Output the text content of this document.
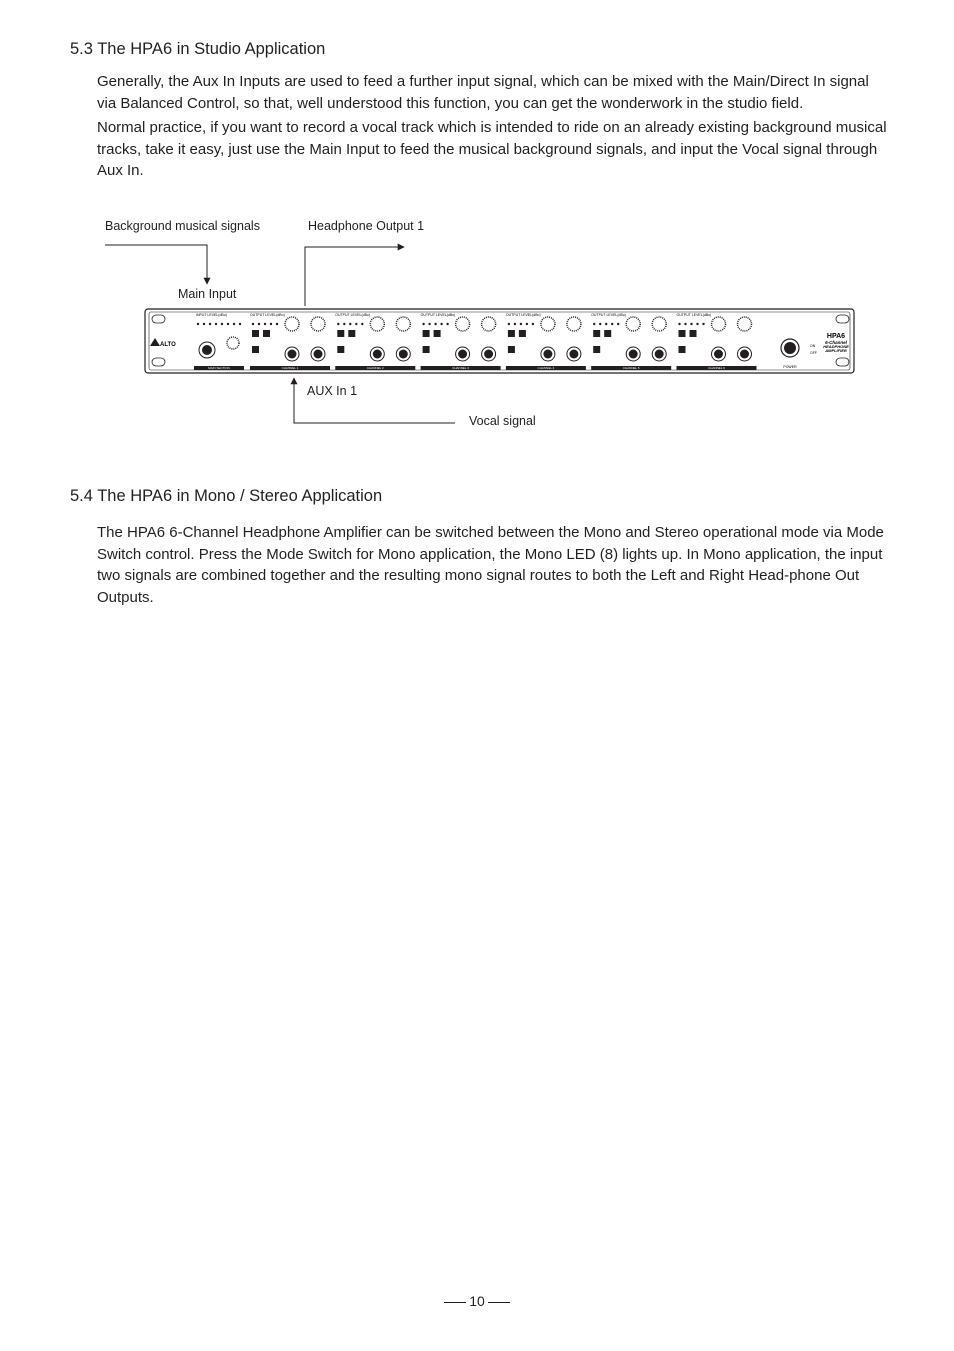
5.3 The HPA6 in Studio Application

Generally, the Aux In Inputs are used to feed a further input signal, which can be mixed with the Main/Direct In signal via Balanced Control, so that, well understood this function, you can get the wonderwork in the studio field.

Normal practice, if you want to record a vocal track which is intended to ride on an already existing background musical tracks, take it easy, just use the Main Input to feed the musical background signals, and input the Vocal signal through Aux In.

ALTO
INPUT LEVEL(dBu)
MAIN SECTION
OUTPUT LEVEL(dBu)
CHANNEL 1
OUTPUT LEVEL(dBu)
CHANNEL 2
OUTPUT LEVEL(dBu)
CHANNEL 3
OUTPUT LEVEL(dBu)
CHANNEL 4
OUTPUT LEVEL(dBu)
CHANNEL 5
OUTPUT LEVEL(dBu)
CHANNEL 6	POWER
ON
OFF
HPA6
6-Channel
HEADPHONE
AMPLIFIER
Background musical signals	Headphone Output 1
Main Input
AUX In 1
Vocal signal
5.4 The HPA6 in Mono / Stereo Application

The HPA6 6-Channel Headphone Amplifier can be switched between the Mono and Stereo operational mode via Mode Switch control. Press the Mode Switch for Mono application, the Mono LED (8) lights up. In Mono application, the input two signals are combined together and the resulting mono signal routes to both the Left and Right Head-phone Out Outputs.

10
